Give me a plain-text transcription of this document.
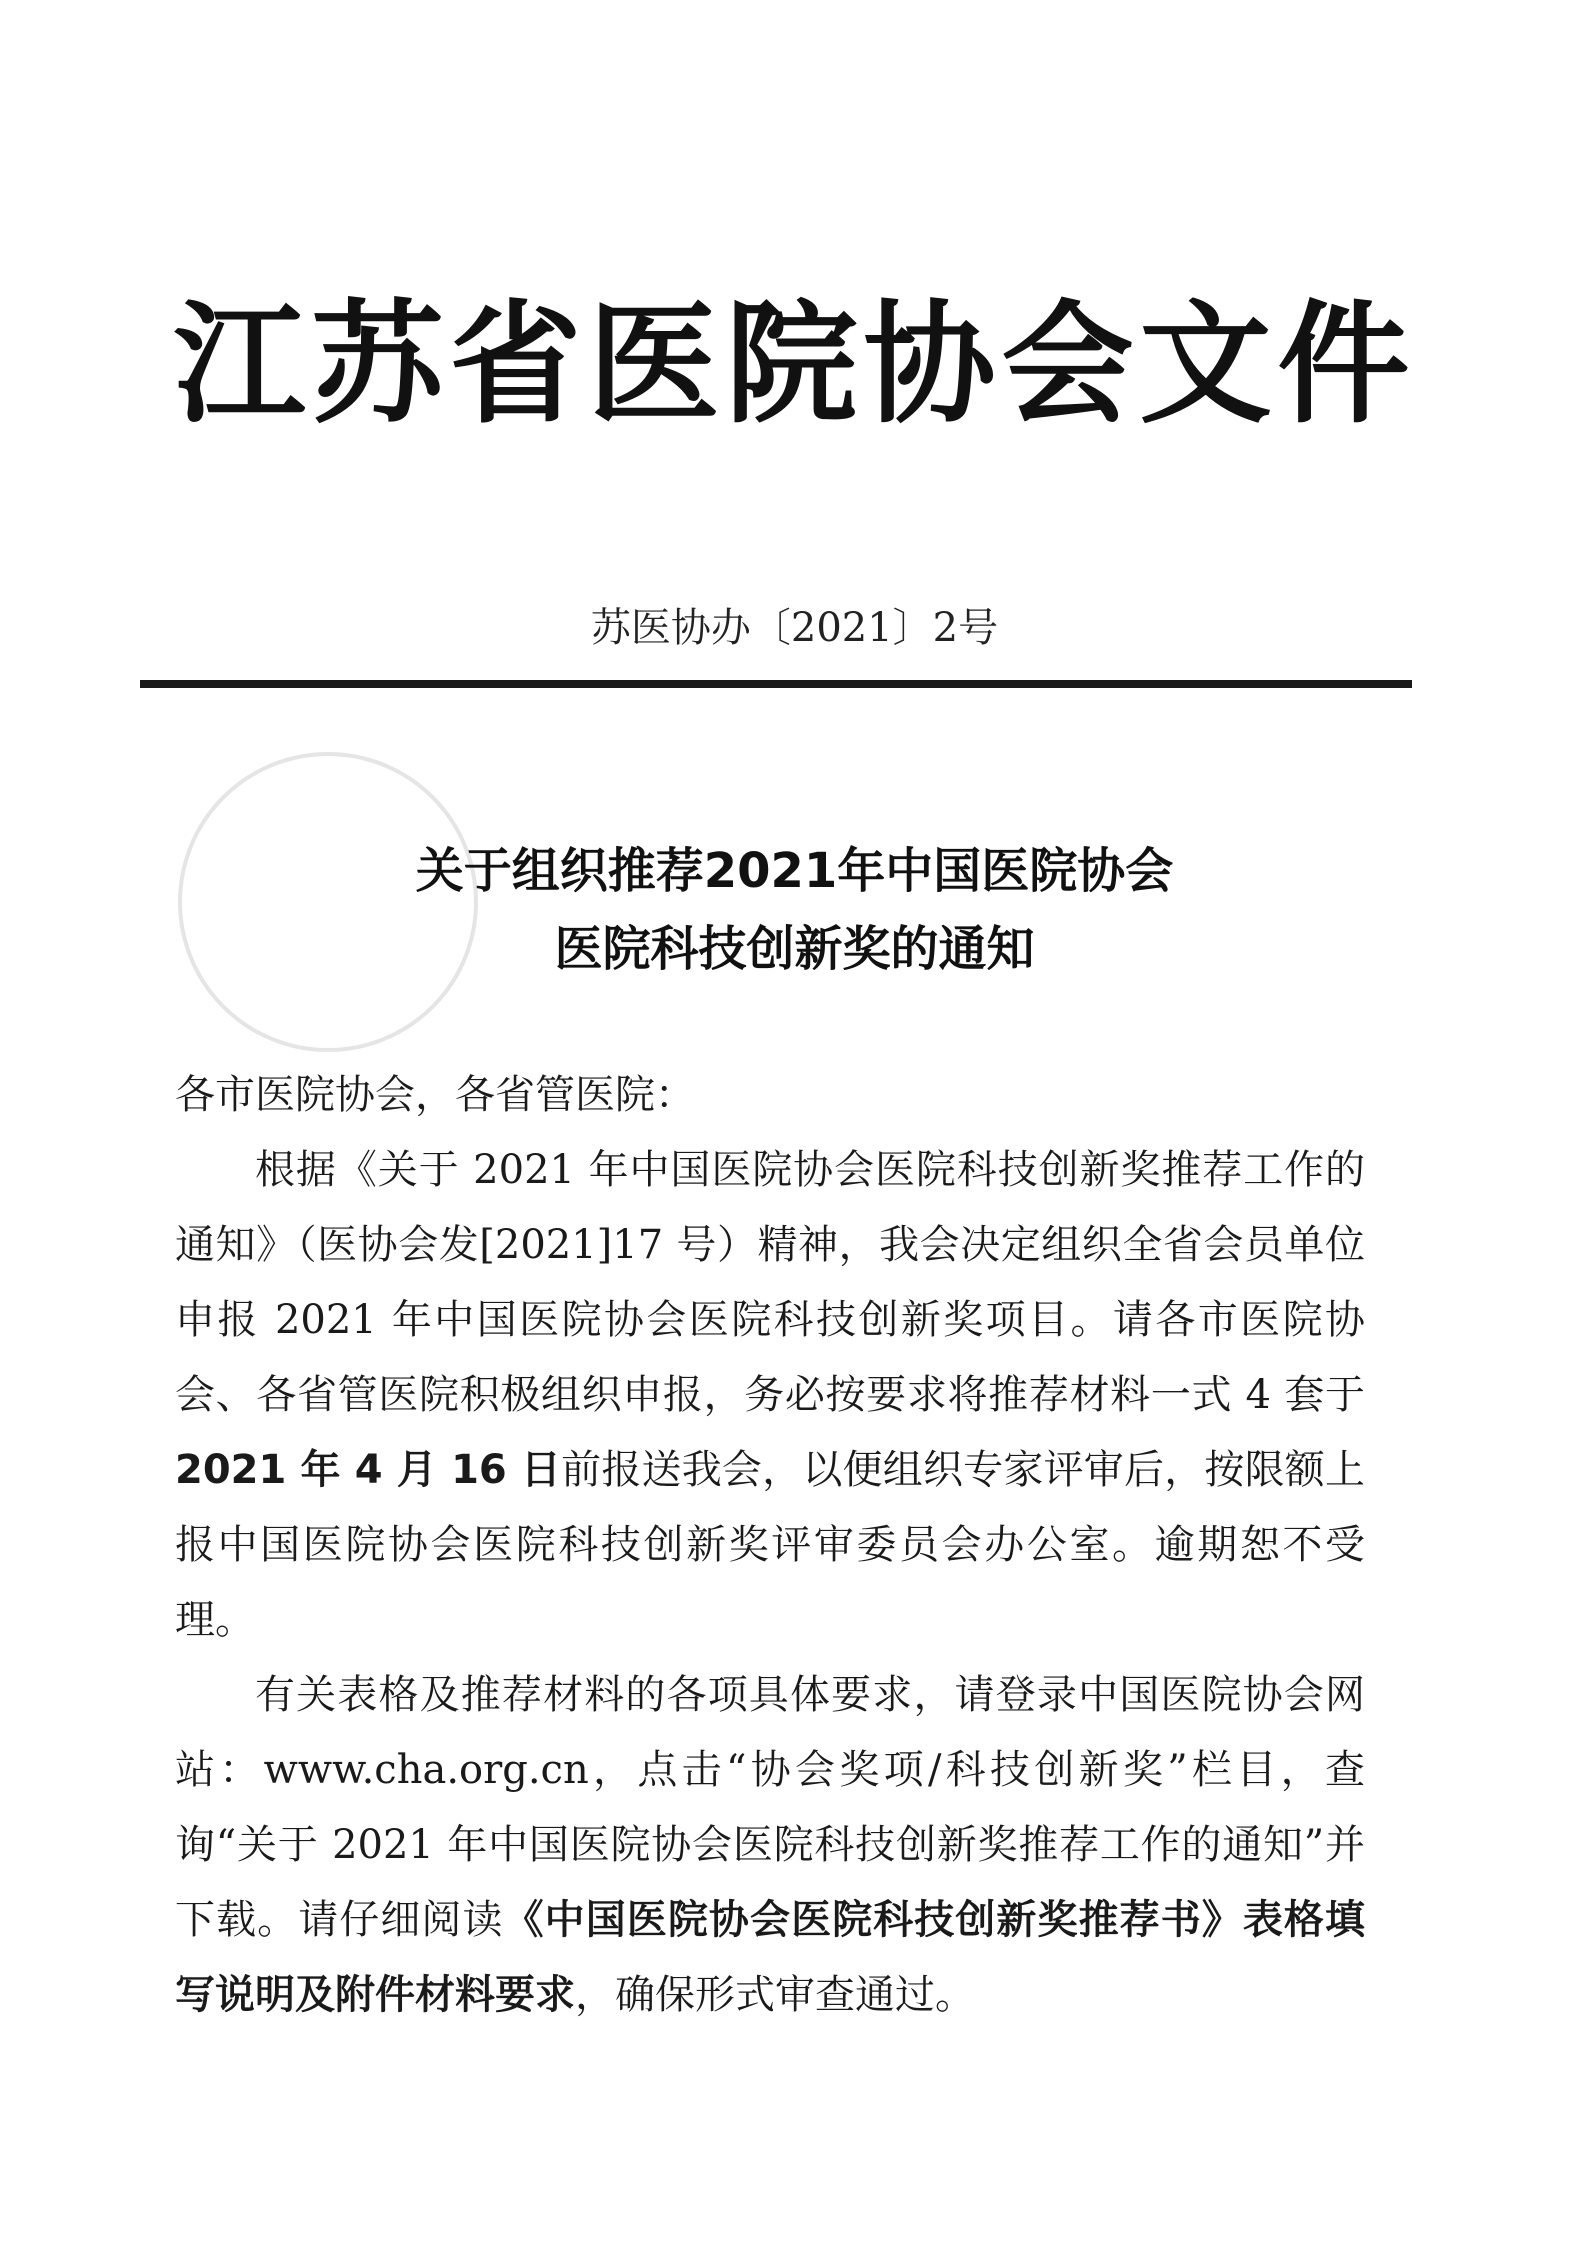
江苏省医院协会文件
苏医协办〔2021〕2号
关于组织推荐2021年中国医院协会
医院科技创新奖的通知

各市医院协会，各省管医院：

根据《关于 2021 年中国医院协会医院科技创新奖推荐工作的通知》（医协会发[2021]17 号）精神，我会决定组织全省会员单位申报 2021 年中国医院协会医院科技创新奖项目。请各市医院协会、各省管医院积极组织申报，务必按要求将推荐材料一式 4 套于2021 年 4 月 16 日前报送我会，以便组织专家评审后，按限额上报中国医院协会医院科技创新奖评审委员会办公室。逾期恕不受理。

有关表格及推荐材料的各项具体要求，请登录中国医院协会网站：www.cha.org.cn，点击“协会奖项/科技创新奖”栏目，查询“关于 2021 年中国医院协会医院科技创新奖推荐工作的通知”并下载。请仔细阅读《中国医院协会医院科技创新奖推荐书》表格填写说明及附件材料要求，确保形式审查通过。
